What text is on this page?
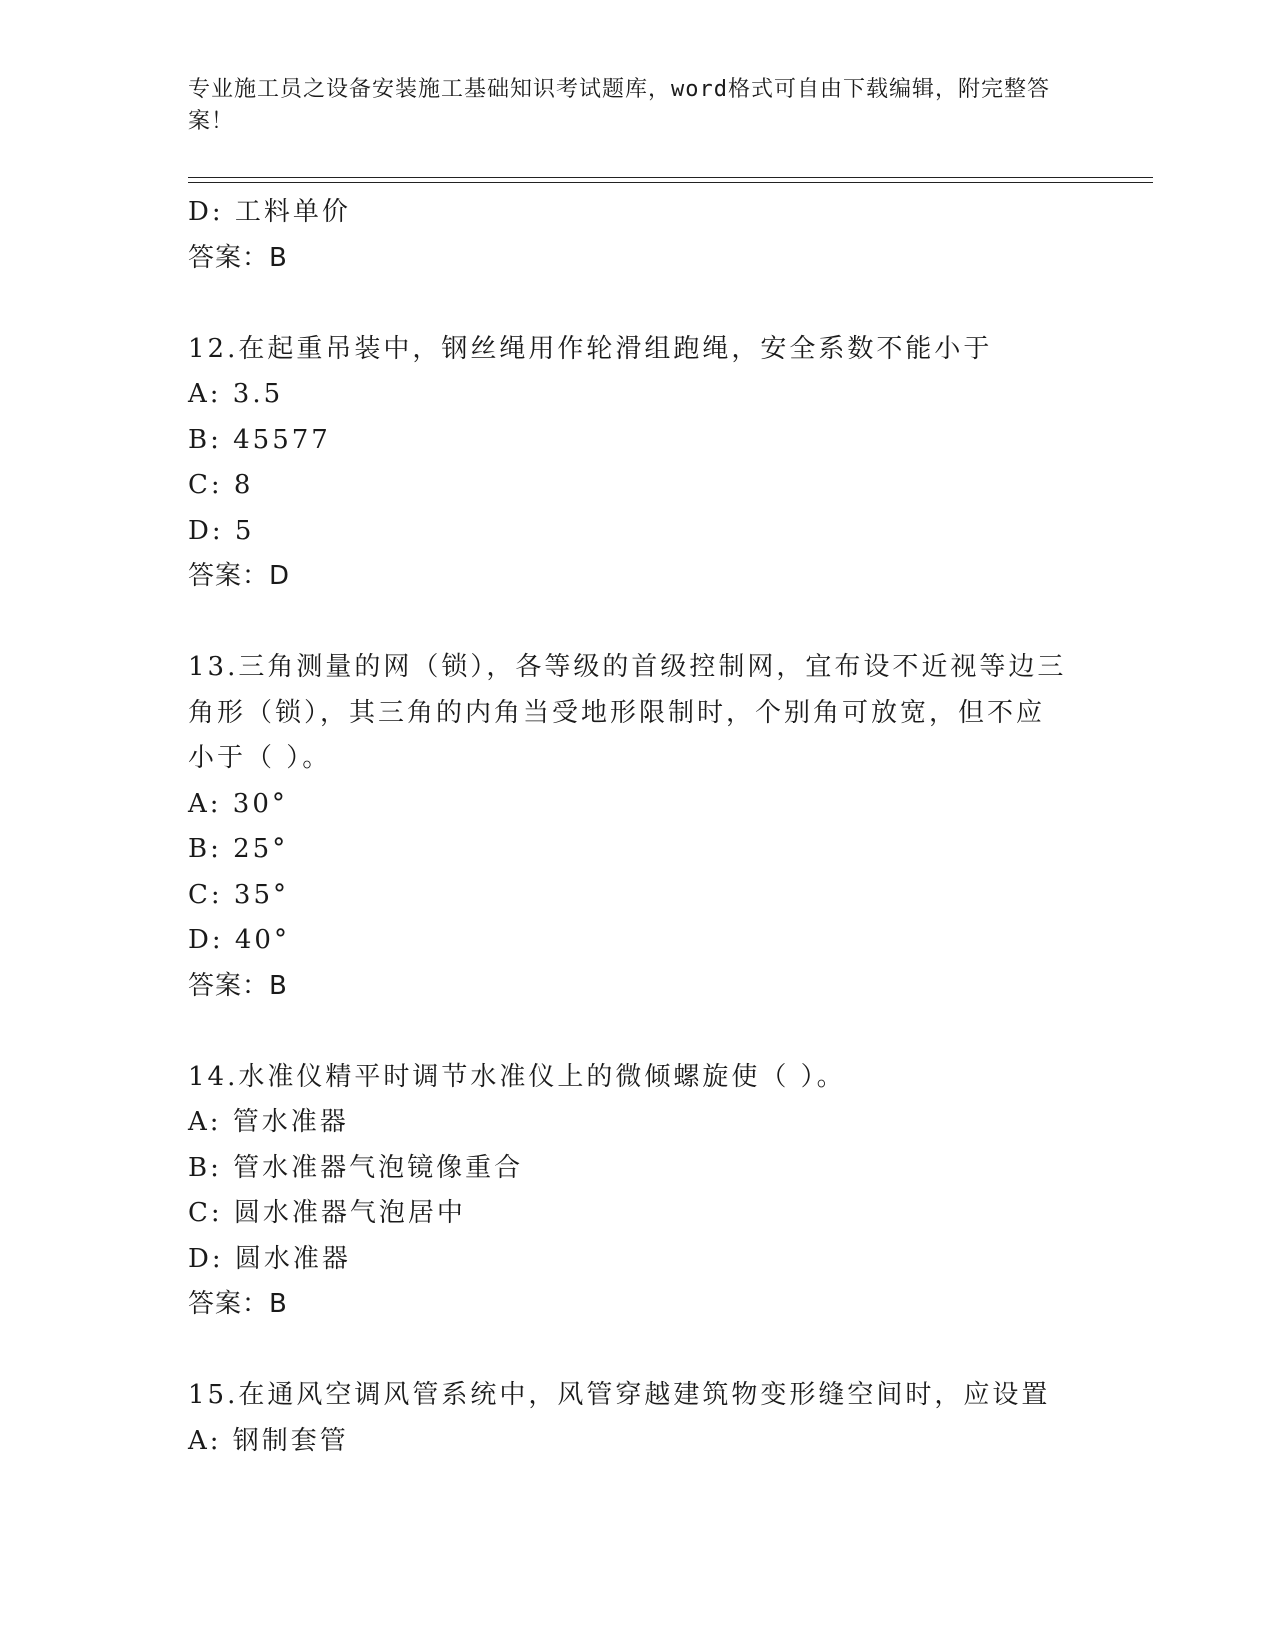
专业施工员之设备安装施工基础知识考试题库，word格式可自由下载编辑，附完整答案！
D: 工料单价
答案：B
12.在起重吊装中，钢丝绳用作轮滑组跑绳，安全系数不能小于
A: 3.5
B: 45577
C: 8
D: 5
答案：D
13.三角测量的网（锁），各等级的首级控制网，宜布设不近视等边三角形（锁），其三角的内角当受地形限制时，个别角可放宽，但不应小于（ ）。
A: 30°
B: 25°
C: 35°
D: 40°
答案：B
14.水准仪精平时调节水准仪上的微倾螺旋使（ ）。
A: 管水准器
B: 管水准器气泡镜像重合
C: 圆水准器气泡居中
D: 圆水准器
答案：B
15.在通风空调风管系统中，风管穿越建筑物变形缝空间时，应设置
A: 钢制套管
